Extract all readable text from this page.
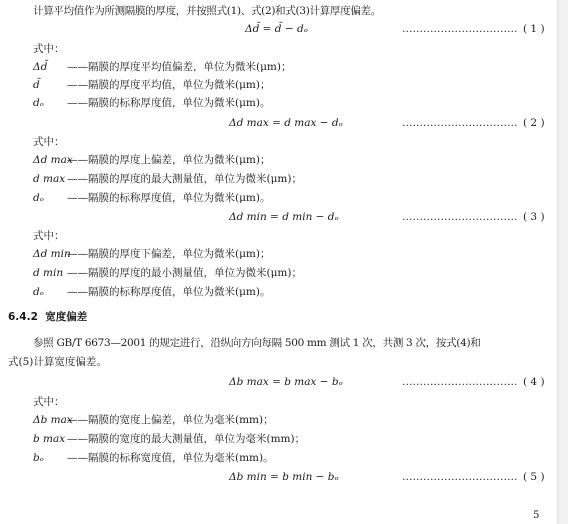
计算平均值作为所测隔膜的厚度，并按照式(1)、式(2)和式(3)计算厚度偏差。
Δd̄ = d̄ − dₒ	…………………………… ( 1 )
式中：
Δd̄ ——隔膜的厚度平均值偏差，单位为微米(μm)；
d̄	——隔膜的厚度平均值，单位为微米(μm)；
dₒ ——隔膜的标称厚度值，单位为微米(μm)。
Δd max = d max − dₒ	…………………………… ( 2 )
式中：
Δd max——隔膜的厚度上偏差，单位为微米(μm)；
d max ——隔膜的厚度的最大测量值，单位为微米(μm)；
dₒ ——隔膜的标称厚度值，单位为微米(μm)。
Δd min = d min − dₒ	…………………………… ( 3 )
式中：
Δd min——隔膜的厚度下偏差，单位为微米(μm)；
d min ——隔膜的厚度的最小测量值，单位为微米(μm)；
dₒ ——隔膜的标称厚度值，单位为微米(μm)。
6.4.2 宽度偏差
参照 GB/T 6673—2001 的规定进行，沿纵向方向每隔 500 mm 测试 1 次，共测 3 次，按式(4)和
式(5)计算宽度偏差。
Δb max = b max − bₒ	…………………………… ( 4 )
式中：
Δb max——隔膜的宽度上偏差，单位为毫米(mm)；
b max ——隔膜的宽度的最大测量值，单位为毫米(mm)；
bₒ ——隔膜的标称宽度值，单位为毫米(mm)。
Δb min = b min − bₒ	…………………………… ( 5 )
5
